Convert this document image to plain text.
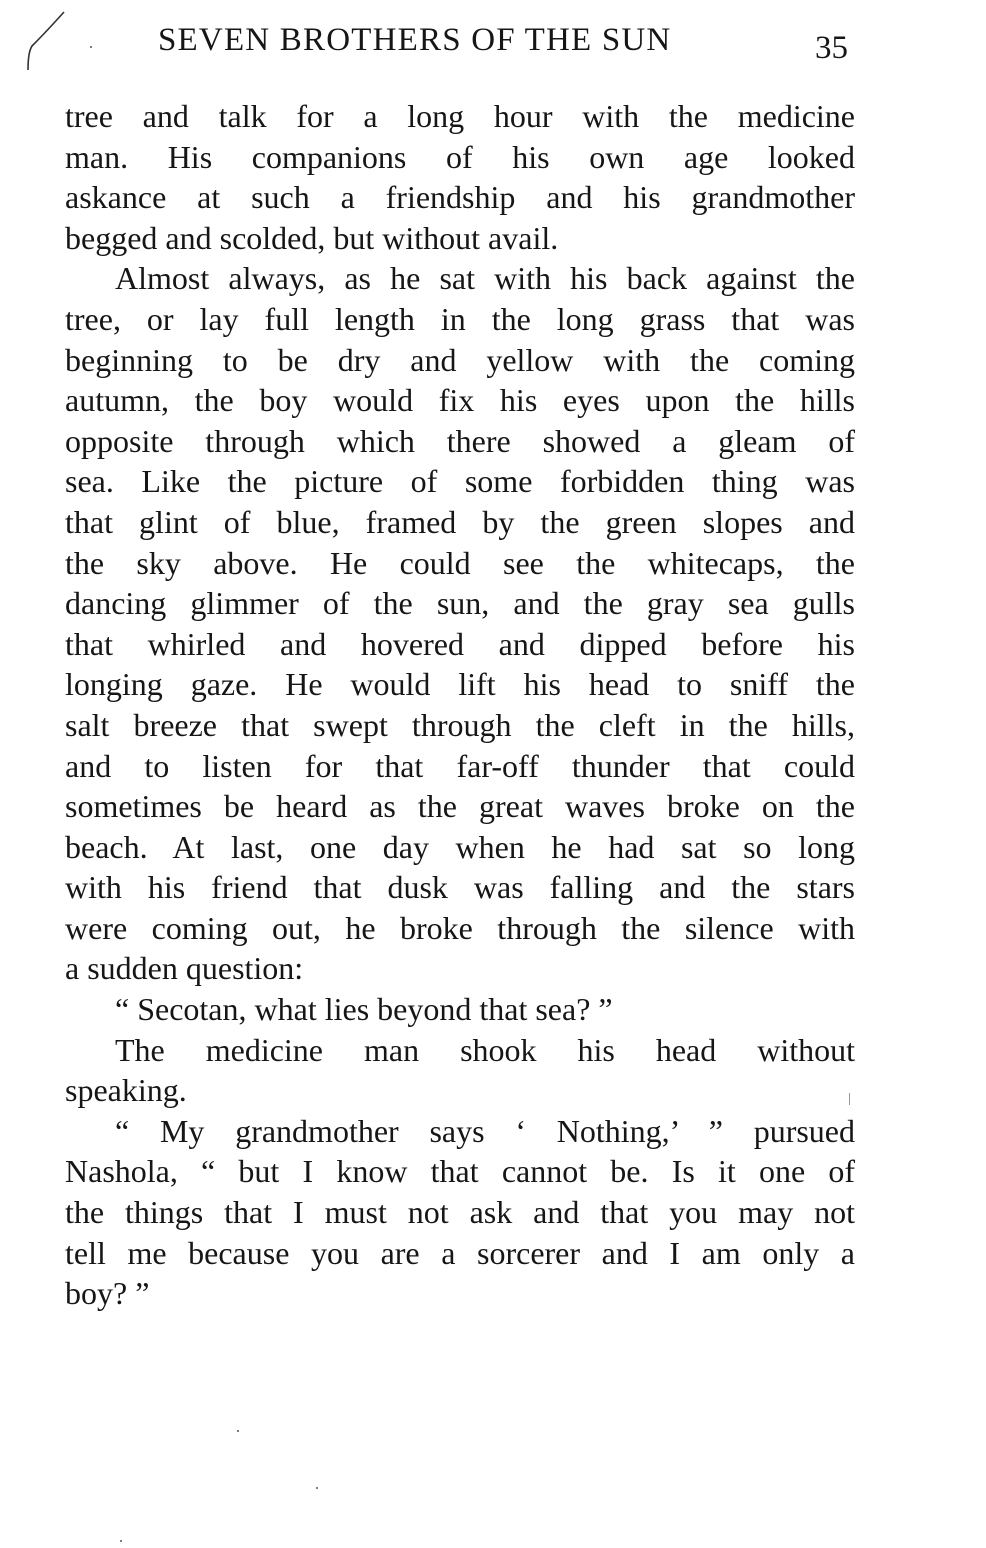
SEVEN BROTHERS OF THE SUN	35
tree and talk for a long hour with the medicine
man. His companions of his own age looked
askance at such a friendship and his grandmother
begged and scolded, but without avail.
Almost always, as he sat with his back against the
tree, or lay full length in the long grass that was
beginning to be dry and yellow with the coming
autumn, the boy would fix his eyes upon the hills
opposite through which there showed a gleam of
sea. Like the picture of some forbidden thing was
that glint of blue, framed by the green slopes and
the sky above. He could see the whitecaps, the
dancing glimmer of the sun, and the gray sea gulls
that whirled and hovered and dipped before his
longing gaze. He would lift his head to sniff the
salt breeze that swept through the cleft in the hills,
and to listen for that far-off thunder that could
sometimes be heard as the great waves broke on the
beach. At last, one day when he had sat so long
with his friend that dusk was falling and the stars
were coming out, he broke through the silence with
a sudden question:
“ Secotan, what lies beyond that sea? ”
The medicine man shook his head without
speaking.
“ My grandmother says ‘ Nothing,’ ” pursued
Nashola, “ but I know that cannot be. Is it one of
the things that I must not ask and that you may not
tell me because you are a sorcerer and I am only a
boy? ”
